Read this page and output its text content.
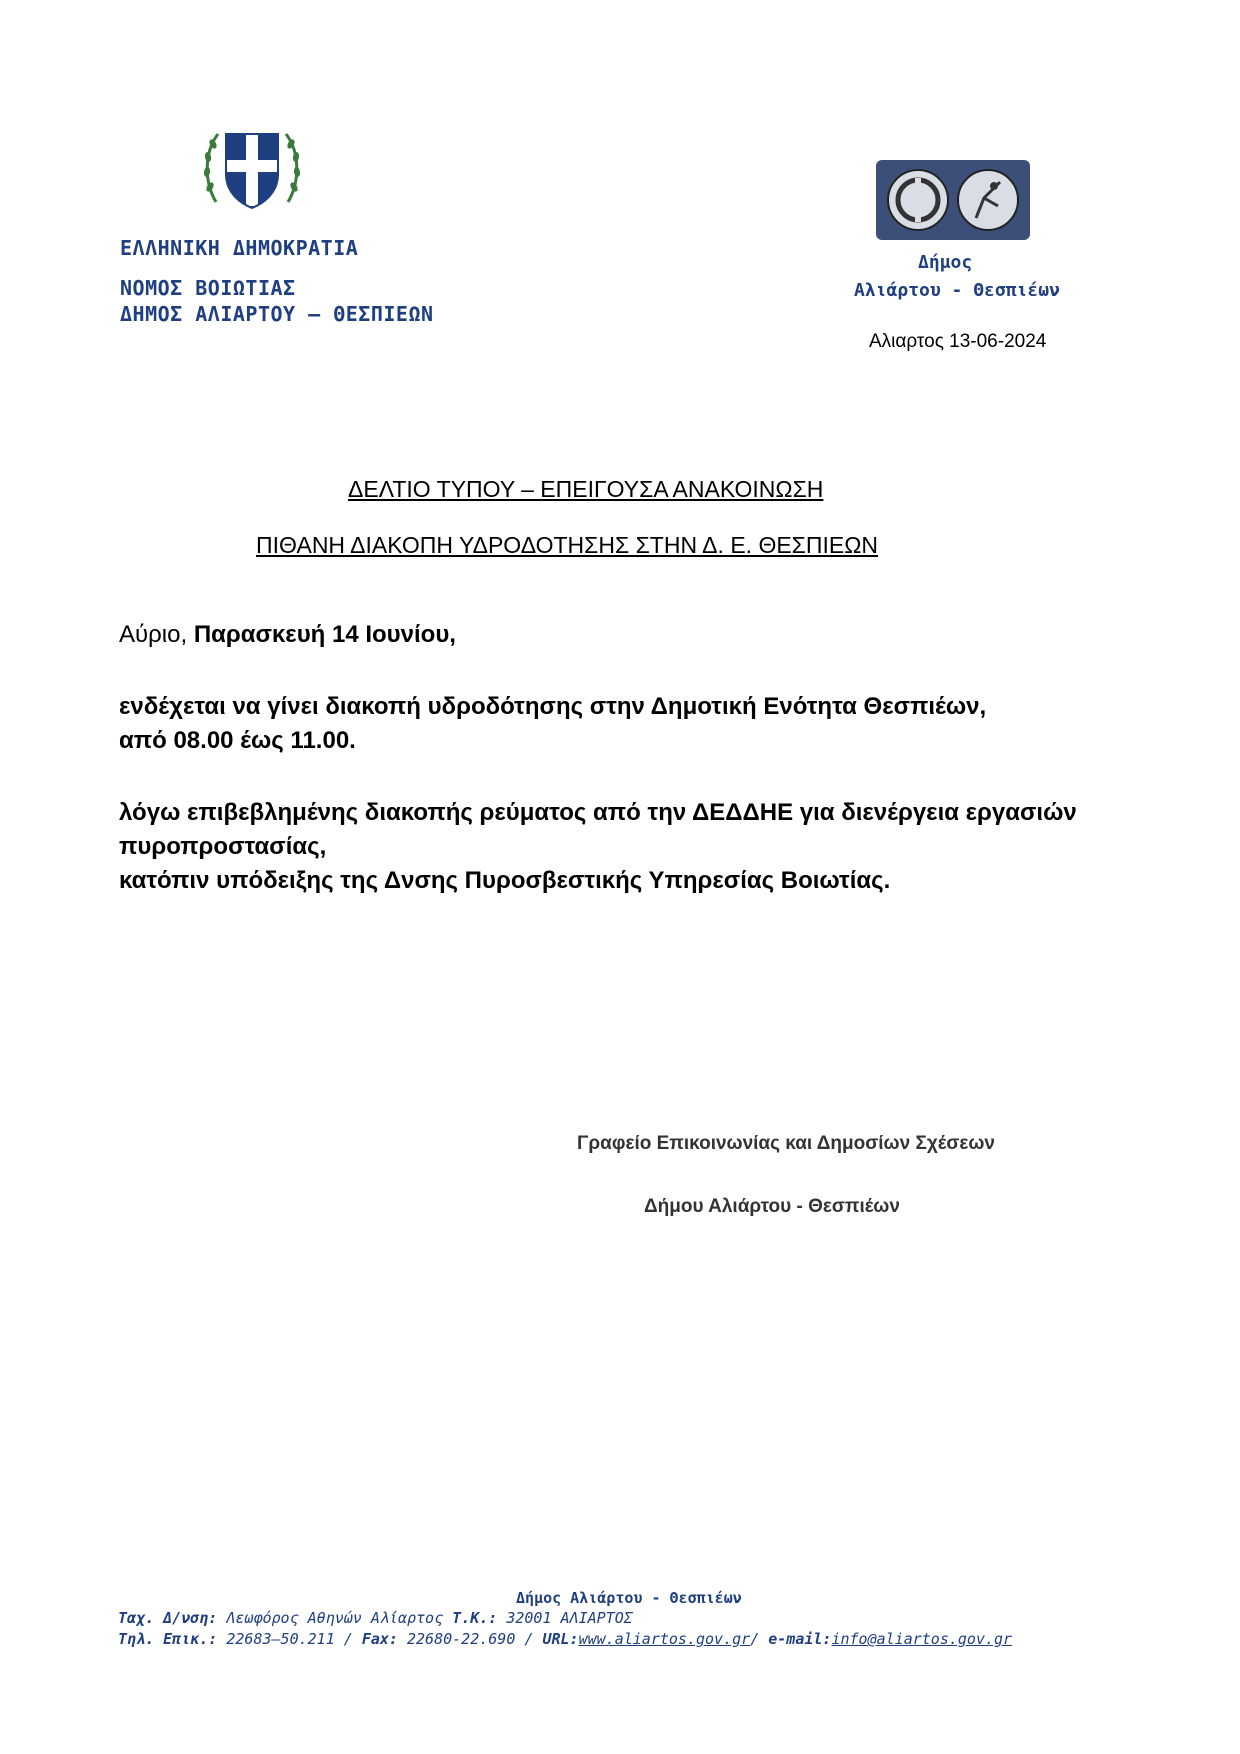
ΕΛΛΗΝΙΚΗ ΔΗΜΟΚΡΑΤΙΑ
ΝΟΜΟΣ ΒΟΙΩΤΙΑΣ
ΔΗΜΟΣ ΑΛΙΑΡΤΟΥ – ΘΕΣΠΙΕΩΝ
Δήμος
Αλιάρτου - Θεσπιέων
Αλιαρτος 13-06-2024
ΔΕΛΤΙΟ ΤΥΠΟΥ – ΕΠΕΙΓΟΥΣΑ ΑΝΑΚΟΙΝΩΣΗ
ΠΙΘΑΝΗ ΔΙΑΚΟΠΗ ΥΔΡΟΔΟΤΗΣΗΣ ΣΤΗΝ Δ. Ε. ΘΕΣΠΙΕΩΝ
Αύριο, Παρασκευή 14 Ιουνίου,
ενδέχεται να γίνει διακοπή υδροδότησης στην Δημοτική Ενότητα Θεσπιέων,
από 08.00 έως 11.00.
λόγω επιβεβλημένης διακοπής ρεύματος από την ΔΕΔΔΗΕ για διενέργεια εργασιών
πυροπροστασίας,
κατόπιν υπόδειξης της Δνσης Πυροσβεστικής Υπηρεσίας Βοιωτίας.
Γραφείο Επικοινωνίας και Δημοσίων Σχέσεων
Δήμου Αλιάρτου - Θεσπιέων
Δήμος Αλιάρτου - Θεσπιέων
Ταχ. Δ/νση: Λεωφόρος Αθηνών Αλίαρτος Τ.Κ.: 32001 ΑΛΙΑΡΤΟΣ
Τηλ. Επικ.: 22683–50.211 / Fax: 22680-22.690 / URL:www.aliartos.gov.gr/ e-mail:info@aliartos.gov.gr
